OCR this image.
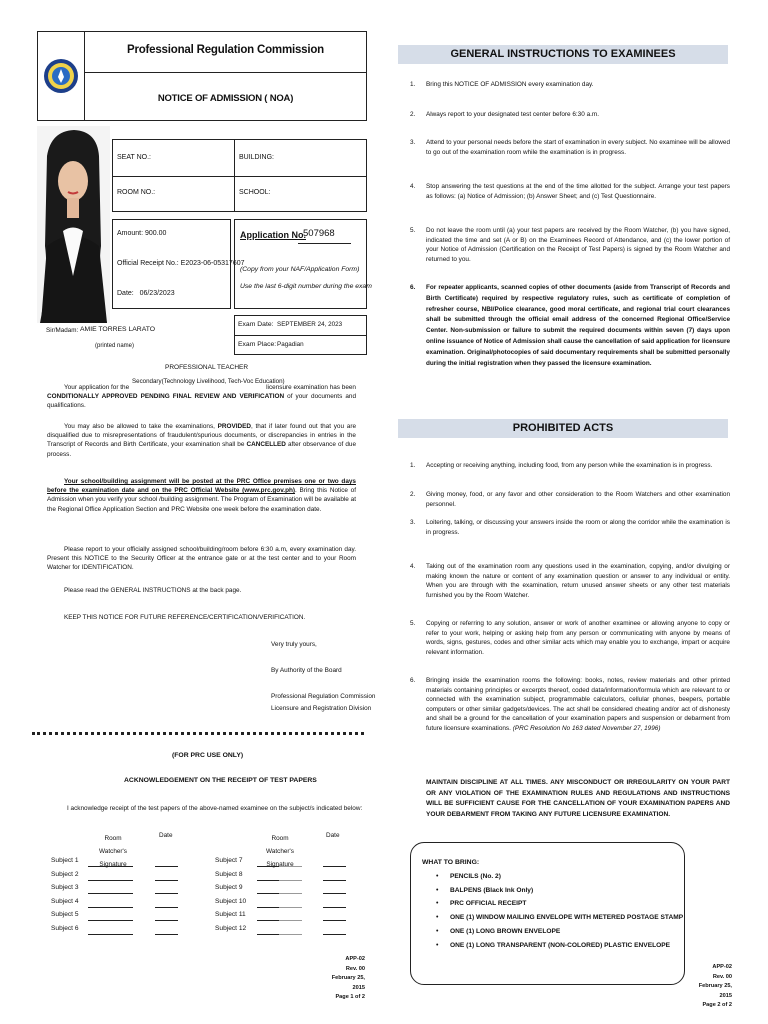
Professional Regulation Commission
NOTICE OF ADMISSION ( NOA)
SEAT NO.:	BUILDING:
ROOM NO.:	SCHOOL:
Amount: 900.00
Official Receipt No.: E2023-06-05317607
Date:   06/23/2023
Application No.
507968
(Copy from your NAF/Application Form)
Use the last 6-digit number during the exam
Sir/Madam: AMIE TORRES LARATO
(printed name)
Exam Date: SEPTEMBER 24, 2023
Exam Place: Pagadian
PROFESSIONAL TEACHER
Secondary(Technology Livelihood, Tech-Voc Education)
Your application for the	licensure examination has been
CONDITIONALLY APPROVED PENDING FINAL REVIEW AND VERIFICATION of your documents and qualifications.
You may also be allowed to take the examinations, PROVIDED, that if later found out that you are disqualified due to misrepresentations of fraudulent/spurious documents, or discrepancies in entries in the Transcript of Records and Birth Certificate, your examination shall be CANCELLED after observance of due process.
Your school/building assignment will be posted at the PRC Office premises one or two days before the examination date and on the PRC Official Website (www.prc.gov.ph). Bring this Notice of Admission when you verify your school /building assignment. The Program of Examination will be available at the Regional Office Application Section and PRC Website one week before the examination date.
Please report to your officially assigned school/building/room before 6:30 a.m, every examination day. Present this NOTICE to the Security Officer at the entrance gate or at the test center and to your Room Watcher for IDENTIFICATION.
Please read the GENERAL INSTRUCTIONS at the back page.
KEEP THIS NOTICE FOR FUTURE REFERENCE/CERTIFICATION/VERIFICATION.
Very truly yours,
By Authority of the Board
Professional Regulation Commission
Licensure and Registration Division
(FOR PRC USE ONLY)
ACKNOWLEDGEMENT ON THE RECEIPT OF TEST PAPERS
I acknowledge receipt of the test papers of the above-named examinee on the subject/s indicated below:
Room Watcher's
Signature
Date	Room Watcher's
Signature
Date
Subject 1	Subject 7
Subject 2	Subject 8
Subject 3	Subject 9
Subject 4	Subject 10
Subject 5	Subject 11
Subject 6	Subject 12
APP-02
Rev. 00
February 25, 2015
Page 1 of 2
GENERAL INSTRUCTIONS TO EXAMINEES
1.	Bring this NOTICE OF ADMISSION every examination day.
2.	Always report to your designated test center before 6:30 a.m.
3.	Attend to your personal needs before the start of examination in every subject. No examinee will be allowed to go out of the examination room while the examination is in progress.
4.	Stop answering the test questions at the end of the time allotted for the subject. Arrange your test papers as follows: (a) Notice of Admission; (b) Answer Sheet; and (c) Test Questionnaire.
5.	Do not leave the room until (a) your test papers are received by the Room Watcher, (b) you have signed, indicated the time and set (A or B) on the Examinees Record of Attendance, and (c) the lower portion of your Notice of Admission (Certification on the Receipt of Test Papers) is signed by the Room Watcher and returned to you.
6.	For repeater applicants, scanned copies of other documents (aside from Transcript of Records and Birth Certificate) required by respective regulatory rules, such as certificate of completion of refresher course, NBI/Police clearance, good moral certificate, and regional trial court clearances shall be submitted through the official email address of the concerned Regional Office/Service Center. Non-submission or failure to submit the required documents within seven (7) days upon online issuance of Notice of Admission shall cause the cancellation of said application for licensure examination. Original/photocopies of said documentary requirements shall be submitted personally during the initial registration when they passed the licensure examination.
PROHIBITED ACTS
1.	Accepting or receiving anything, including food, from any person while the examination is in progress.
2.	Giving money, food, or any favor and other consideration to the Room Watchers and other examination personnel.
3.	Loitering, talking, or discussing your answers inside the room or along the corridor while the examination is in progress.
4.	Taking out of the examination room any questions used in the examination, copying, and/or divulging or making known the nature or content of any examination question or answer to any individual or entity. When you are through with the examination, return unused answer sheets or any other test materials furnished you by the Room Watcher.
5.	Copying or referring to any solution, answer or work of another examinee or allowing anyone to copy or refer to your work, helping or asking help from any person or communicating with anyone by means of words, signs, gestures, codes and other similar acts which may enable you to exchange, impart or acquire relevant information.
6.	Bringing inside the examination rooms the following: books, notes, review materials and other printed materials containing principles or excerpts thereof, coded data/information/formula which are relevant to or connected with the examination subject, programmable calculators, cellular phones, beepers, portable computers or other similar gadgets/devices. The act shall be considered cheating and/or act of dishonesty and shall be a ground for the cancellation of your examination papers and suspension or debarment from future licensure examinations. (PRC Resolution No 163 dated November 27, 1996)
MAINTAIN DISCIPLINE AT ALL TIMES. ANY MISCONDUCT OR IRREGULARITY ON YOUR PART OR ANY VIOLATION OF THE EXAMINATION RULES AND REGULATIONS AND INSTRUCTIONS WILL BE SUFFICIENT CAUSE FOR THE CANCELLATION OF YOUR EXAMINATION PAPERS AND YOUR DEBARMENT FROM TAKING ANY FUTURE LICENSURE EXAMINATION.
WHAT TO BRING:
• PENCILS (No. 2)
• BALPENS (Black Ink Only)
• PRC OFFICIAL RECEIPT
• ONE (1) WINDOW MAILING ENVELOPE WITH METERED POSTAGE STAMP
• ONE (1) LONG BROWN ENVELOPE
• ONE (1) LONG TRANSPARENT (NON-COLORED) PLASTIC ENVELOPE
APP-02
Rev. 00
February 25, 2015
Page 2 of 2
